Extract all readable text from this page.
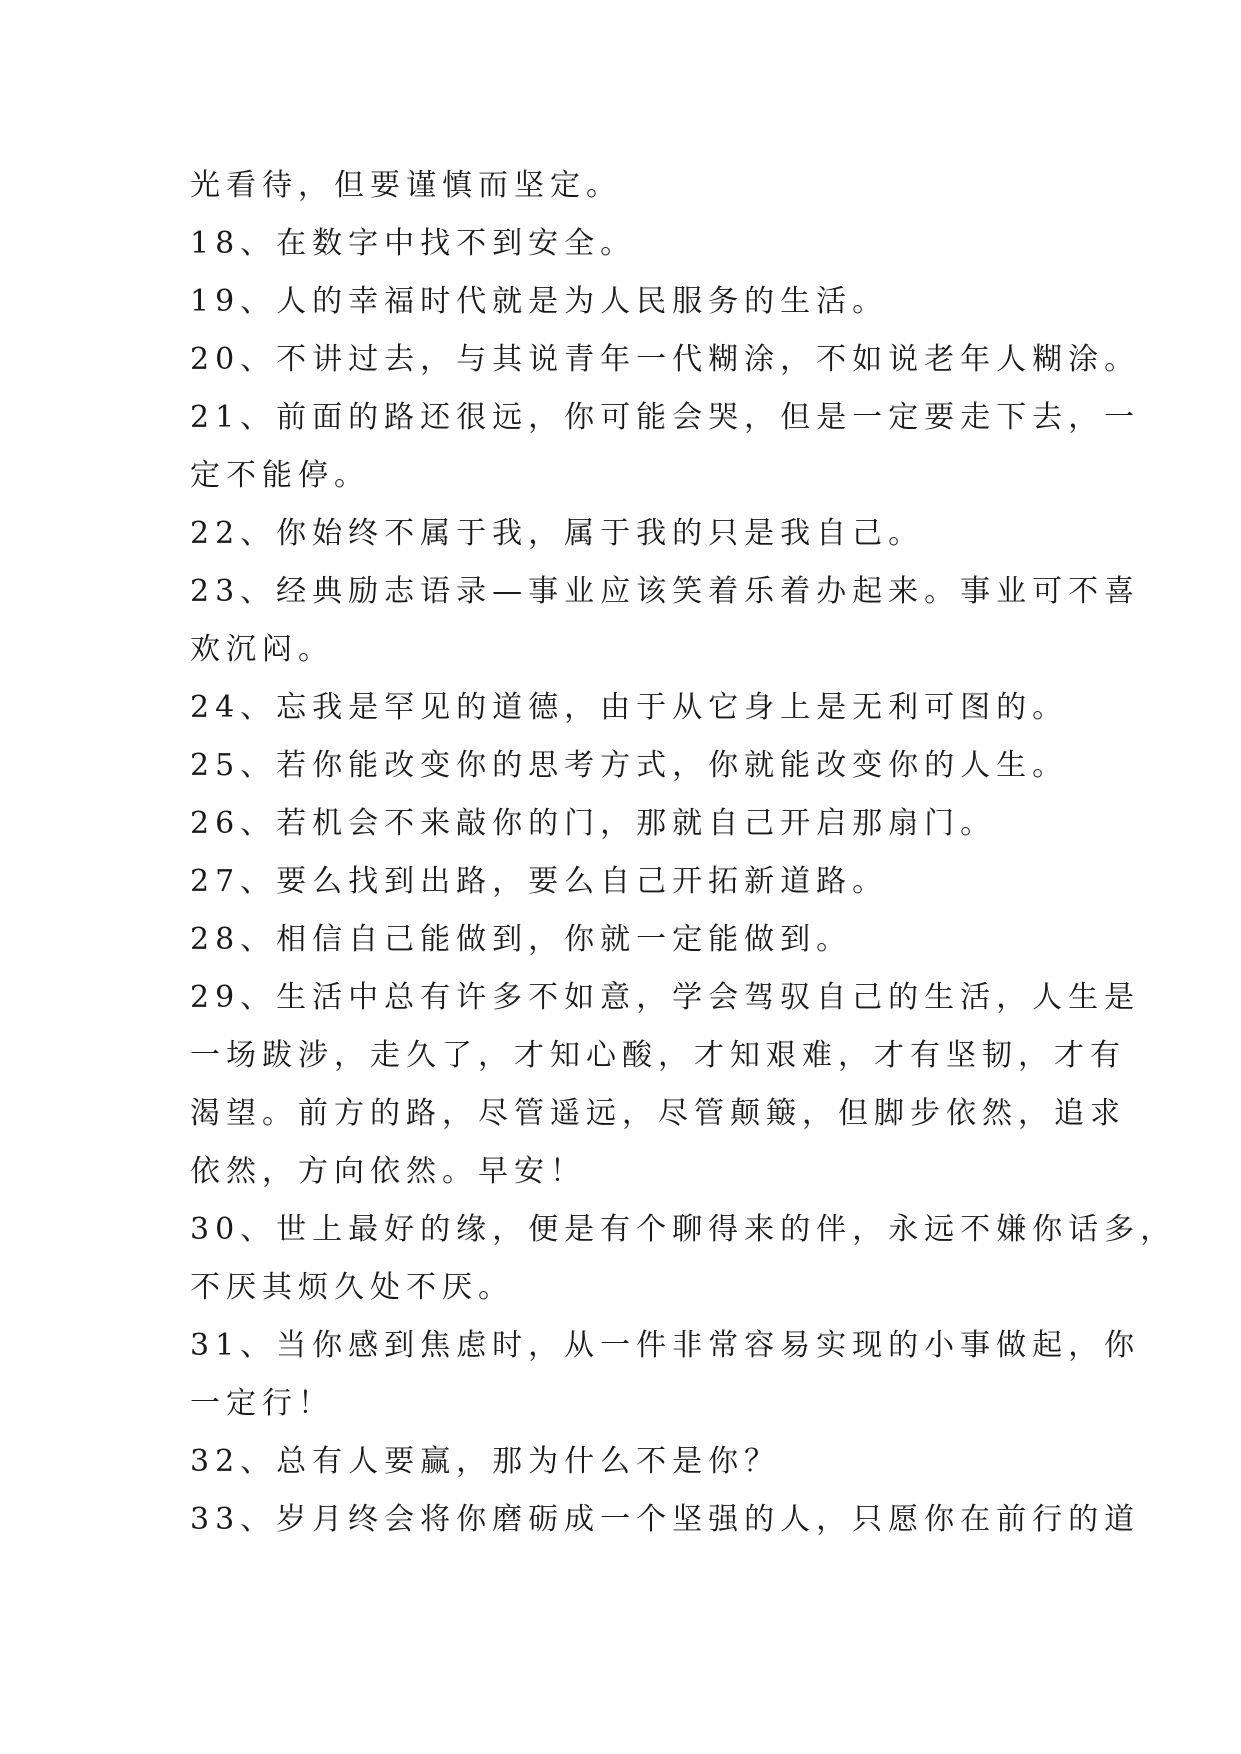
光看待，但要谨慎而坚定。
18、在数字中找不到安全。
19、人的幸福时代就是为人民服务的生活。
20、不讲过去，与其说青年一代糊涂，不如说老年人糊涂。
21、前面的路还很远，你可能会哭，但是一定要走下去，一
定不能停。
22、你始终不属于我，属于我的只是我自己。
23、经典励志语录—事业应该笑着乐着办起来。事业可不喜
欢沉闷。
24、忘我是罕见的道德，由于从它身上是无利可图的。
25、若你能改变你的思考方式，你就能改变你的人生。
26、若机会不来敲你的门，那就自己开启那扇门。
27、要么找到出路，要么自己开拓新道路。
28、相信自己能做到，你就一定能做到。
29、生活中总有许多不如意，学会驾驭自己的生活，人生是
一场跋涉，走久了，才知心酸，才知艰难，才有坚韧，才有
渴望。前方的路，尽管遥远，尽管颠簸，但脚步依然，追求
依然，方向依然。早安！
30、世上最好的缘，便是有个聊得来的伴，永远不嫌你话多，
不厌其烦久处不厌。
31、当你感到焦虑时，从一件非常容易实现的小事做起，你
一定行！
32、总有人要赢，那为什么不是你？
33、岁月终会将你磨砺成一个坚强的人，只愿你在前行的道
